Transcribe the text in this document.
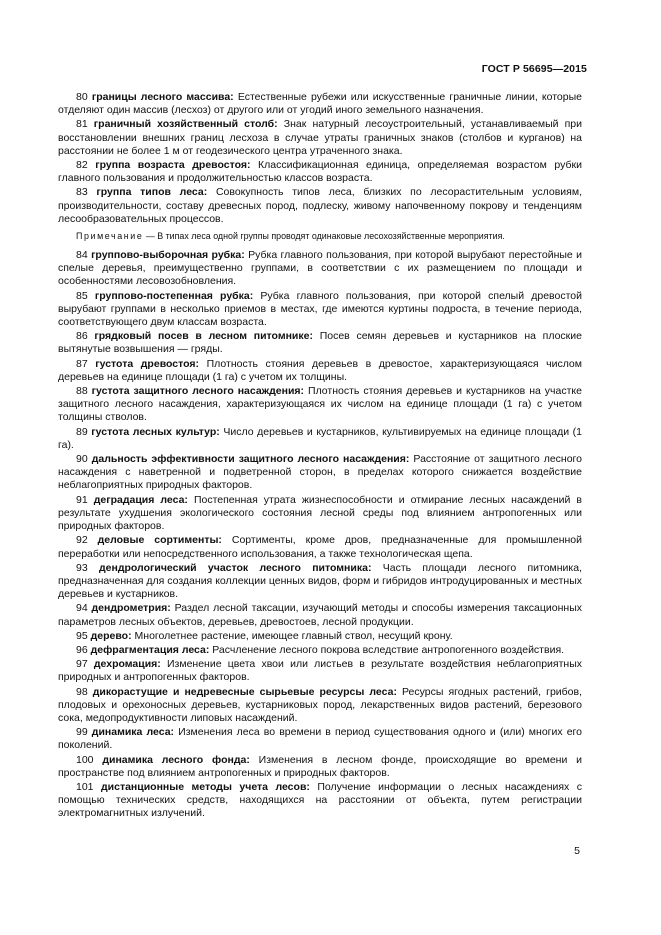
ГОСТ Р 56695—2015

80 границы лесного массива: Естественные рубежи или искусственные граничные линии, которые отделяют один массив (лесхоз) от другого или от угодий иного земельного назначения.

81 граничный хозяйственный столб: Знак натурный лесоустроительный, устанавливаемый при восстановлении внешних границ лесхоза в случае утраты граничных знаков (столбов и курганов) на расстоянии не более 1 м от геодезического центра утраченного знака.

82 группа возраста древостоя: Классификационная единица, определяемая возрастом рубки главного пользования и продолжительностью классов возраста.

83 группа типов леса: Совокупность типов леса, близких по лесорастительным условиям, производительности, составу древесных пород, подлеску, живому напочвенному покрову и тенденциям лесообразовательных процессов.

Примечание — В типах леса одной группы проводят одинаковые лесохозяйственные мероприятия.

84 группово-выборочная рубка: Рубка главного пользования, при которой вырубают перестойные и спелые деревья, преимущественно группами, в соответствии с их размещением по площади и особенностями лесовозобновления.

85 группово-постепенная рубка: Рубка главного пользования, при которой спелый древостой вырубают группами в несколько приемов в местах, где имеются куртины подроста, в течение периода, соответствующего двум классам возраста.

86 грядковый посев в лесном питомнике: Посев семян деревьев и кустарников на плоские вытянутые возвышения — гряды.

87 густота древостоя: Плотность стояния деревьев в древостое, характеризующаяся числом деревьев на единице площади (1 га) с учетом их толщины.

88 густота защитного лесного насаждения: Плотность стояния деревьев и кустарников на участке защитного лесного насаждения, характеризующаяся их числом на единице площади (1 га) с учетом толщины стволов.

89 густота лесных культур: Число деревьев и кустарников, культивируемых на единице площади (1 га).

90 дальность эффективности защитного лесного насаждения: Расстояние от защитного лесного насаждения с наветренной и подветренной сторон, в пределах которого снижается воздействие неблагоприятных природных факторов.

91 деградация леса: Постепенная утрата жизнеспособности и отмирание лесных насаждений в результате ухудшения экологического состояния лесной среды под влиянием антропогенных или природных факторов.

92 деловые сортименты: Сортименты, кроме дров, предназначенные для промышленной переработки или непосредственного использования, а также технологическая щепа.

93 дендрологический участок лесного питомника: Часть площади лесного питомника, предназначенная для создания коллекции ценных видов, форм и гибридов интродуцированных и местных деревьев и кустарников.

94 дендрометрия: Раздел лесной таксации, изучающий методы и способы измерения таксационных параметров лесных объектов, деревьев, древостоев, лесной продукции.

95 дерево: Многолетнее растение, имеющее главный ствол, несущий крону.

96 дефрагментация леса: Расчленение лесного покрова вследствие антропогенного воздействия.

97 дехромация: Изменение цвета хвои или листьев в результате воздействия неблагоприятных природных и антропогенных факторов.

98 дикорастущие и недревесные сырьевые ресурсы леса: Ресурсы ягодных растений, грибов, плодовых и орехоносных деревьев, кустарниковых пород, лекарственных видов растений, березового сока, медопродуктивности липовых насаждений.

99 динамика леса: Изменения леса во времени в период существования одного и (или) многих его поколений.

100 динамика лесного фонда: Изменения в лесном фонде, происходящие во времени и пространстве под влиянием антропогенных и природных факторов.

101 дистанционные методы учета лесов: Получение информации о лесных насаждениях с помощью технических средств, находящихся на расстоянии от объекта, путем регистрации электромагнитных излучений.

5
